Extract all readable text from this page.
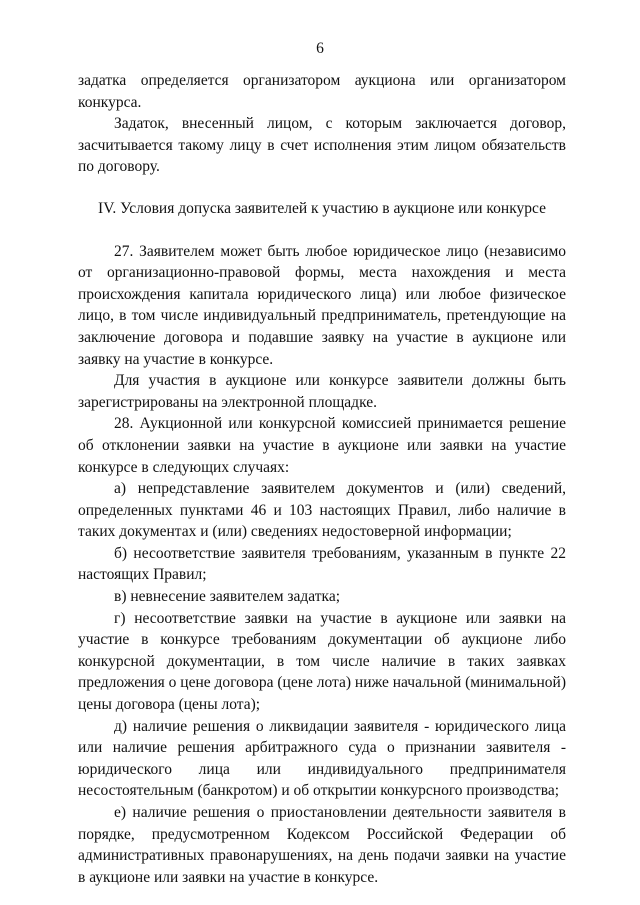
6

задатка определяется организатором аукциона или организатором конкурса.

Задаток, внесенный лицом, с которым заключается договор, засчитывается такому лицу в счет исполнения этим лицом обязательств по договору.

IV. Условия допуска заявителей к участию в аукционе или конкурсе

27. Заявителем может быть любое юридическое лицо (независимо от организационно-правовой формы, места нахождения и места происхождения капитала юридического лица) или любое физическое лицо, в том числе индивидуальный предприниматель, претендующие на заключение договора и подавшие заявку на участие в аукционе или заявку на участие в конкурсе.

Для участия в аукционе или конкурсе заявители должны быть зарегистрированы на электронной площадке.

28. Аукционной или конкурсной комиссией принимается решение об отклонении заявки на участие в аукционе или заявки на участие конкурсе в следующих случаях:

а) непредставление заявителем документов и (или) сведений, определенных пунктами 46 и 103 настоящих Правил, либо наличие в таких документах и (или) сведениях недостоверной информации;

б) несоответствие заявителя требованиям, указанным в пункте 22 настоящих Правил;

в) невнесение заявителем задатка;

г) несоответствие заявки на участие в аукционе или заявки на участие в конкурсе требованиям документации об аукционе либо конкурсной документации, в том числе наличие в таких заявках предложения о цене договора (цене лота) ниже начальной (минимальной) цены договора (цены лота);

д) наличие решения о ликвидации заявителя - юридического лица или наличие решения арбитражного суда о признании заявителя - юридического лица или индивидуального предпринимателя несостоятельным (банкротом) и об открытии конкурсного производства;

е) наличие решения о приостановлении деятельности заявителя в порядке, предусмотренном Кодексом Российской Федерации об административных правонарушениях, на день подачи заявки на участие в аукционе или заявки на участие в конкурсе.
